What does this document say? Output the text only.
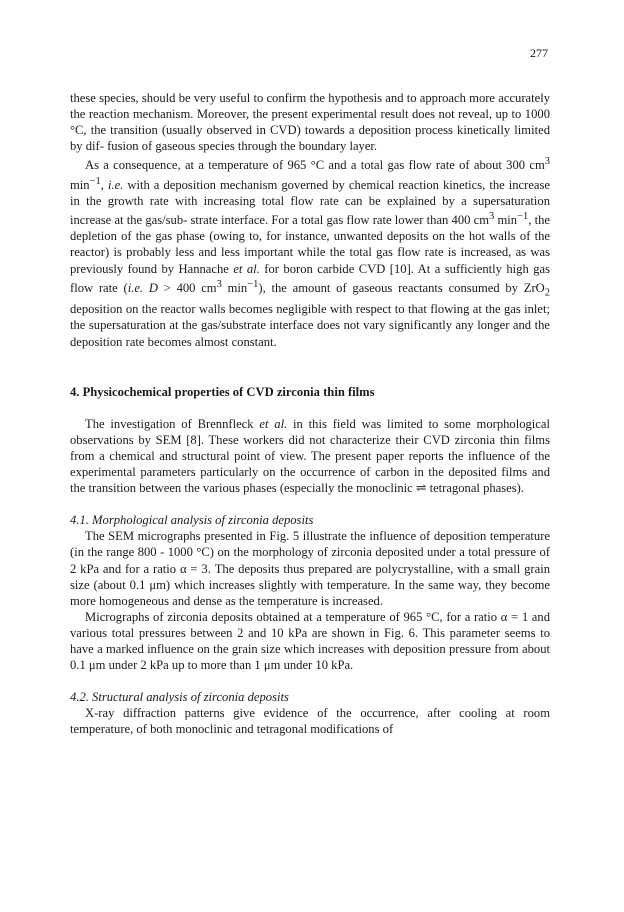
277

these species, should be very useful to confirm the hypothesis and to approach more accurately the reaction mechanism. Moreover, the present experimental result does not reveal, up to 1000 °C, the transition (usually observed in CVD) towards a deposition process kinetically limited by dif- fusion of gaseous species through the boundary layer.

As a consequence, at a temperature of 965 °C and a total gas flow rate of about 300 $cm^3$ $\min^{-1}$, i.e. with a deposition mechanism governed by chemical reaction kinetics, the increase in the growth rate with increasing total flow rate can be explained by a supersaturation increase at the gas/sub- strate interface. For a total gas flow rate lower than 400 $cm^3$ $\min^{-1}$, the depletion of the gas phase (owing to, for instance, unwanted deposits on the hot walls of the reactor) is probably less and less important while the total gas flow rate is increased, as was previously found by Hannache et al. for boron carbide CVD [10]. At a sufficiently high gas flow rate (i.e. D > 400 $cm^3$ $\min^{-1}$), the amount of gaseous reactants consumed by ZrO$_2$ deposition on the reactor walls becomes negligible with respect to that flowing at the gas inlet; the supersaturation at the gas/substrate interface does not vary significantly any longer and the deposition rate becomes almost constant.

4. Physicochemical properties of CVD zirconia thin films

The investigation of Brennfleck et al. in this field was limited to some morphological observations by SEM [8]. These workers did not characterize their CVD zirconia thin films from a chemical and structural point of view. The present paper reports the influence of the experimental parameters particularly on the occurrence of carbon in the deposited films and the transition between the various phases (especially the monoclinic ⇌ tetragonal phases).

4.1. Morphological analysis of zirconia deposits

The SEM micrographs presented in Fig. 5 illustrate the influence of deposition temperature (in the range 800 - 1000 °C) on the morphology of zirconia deposited under a total pressure of 2 kPa and for a ratio α = 3. The deposits thus prepared are polycrystalline, with a small grain size (about 0.1 μm) which increases slightly with temperature. In the same way, they become more homogeneous and dense as the temperature is increased.

Micrographs of zirconia deposits obtained at a temperature of 965 °C, for a ratio α = 1 and various total pressures between 2 and 10 kPa are shown in Fig. 6. This parameter seems to have a marked influence on the grain size which increases with deposition pressure from about 0.1 μm under 2 kPa up to more than 1 μm under 10 kPa.

4.2. Structural analysis of zirconia deposits

X-ray diffraction patterns give evidence of the occurrence, after cooling at room temperature, of both monoclinic and tetragonal modifications of
